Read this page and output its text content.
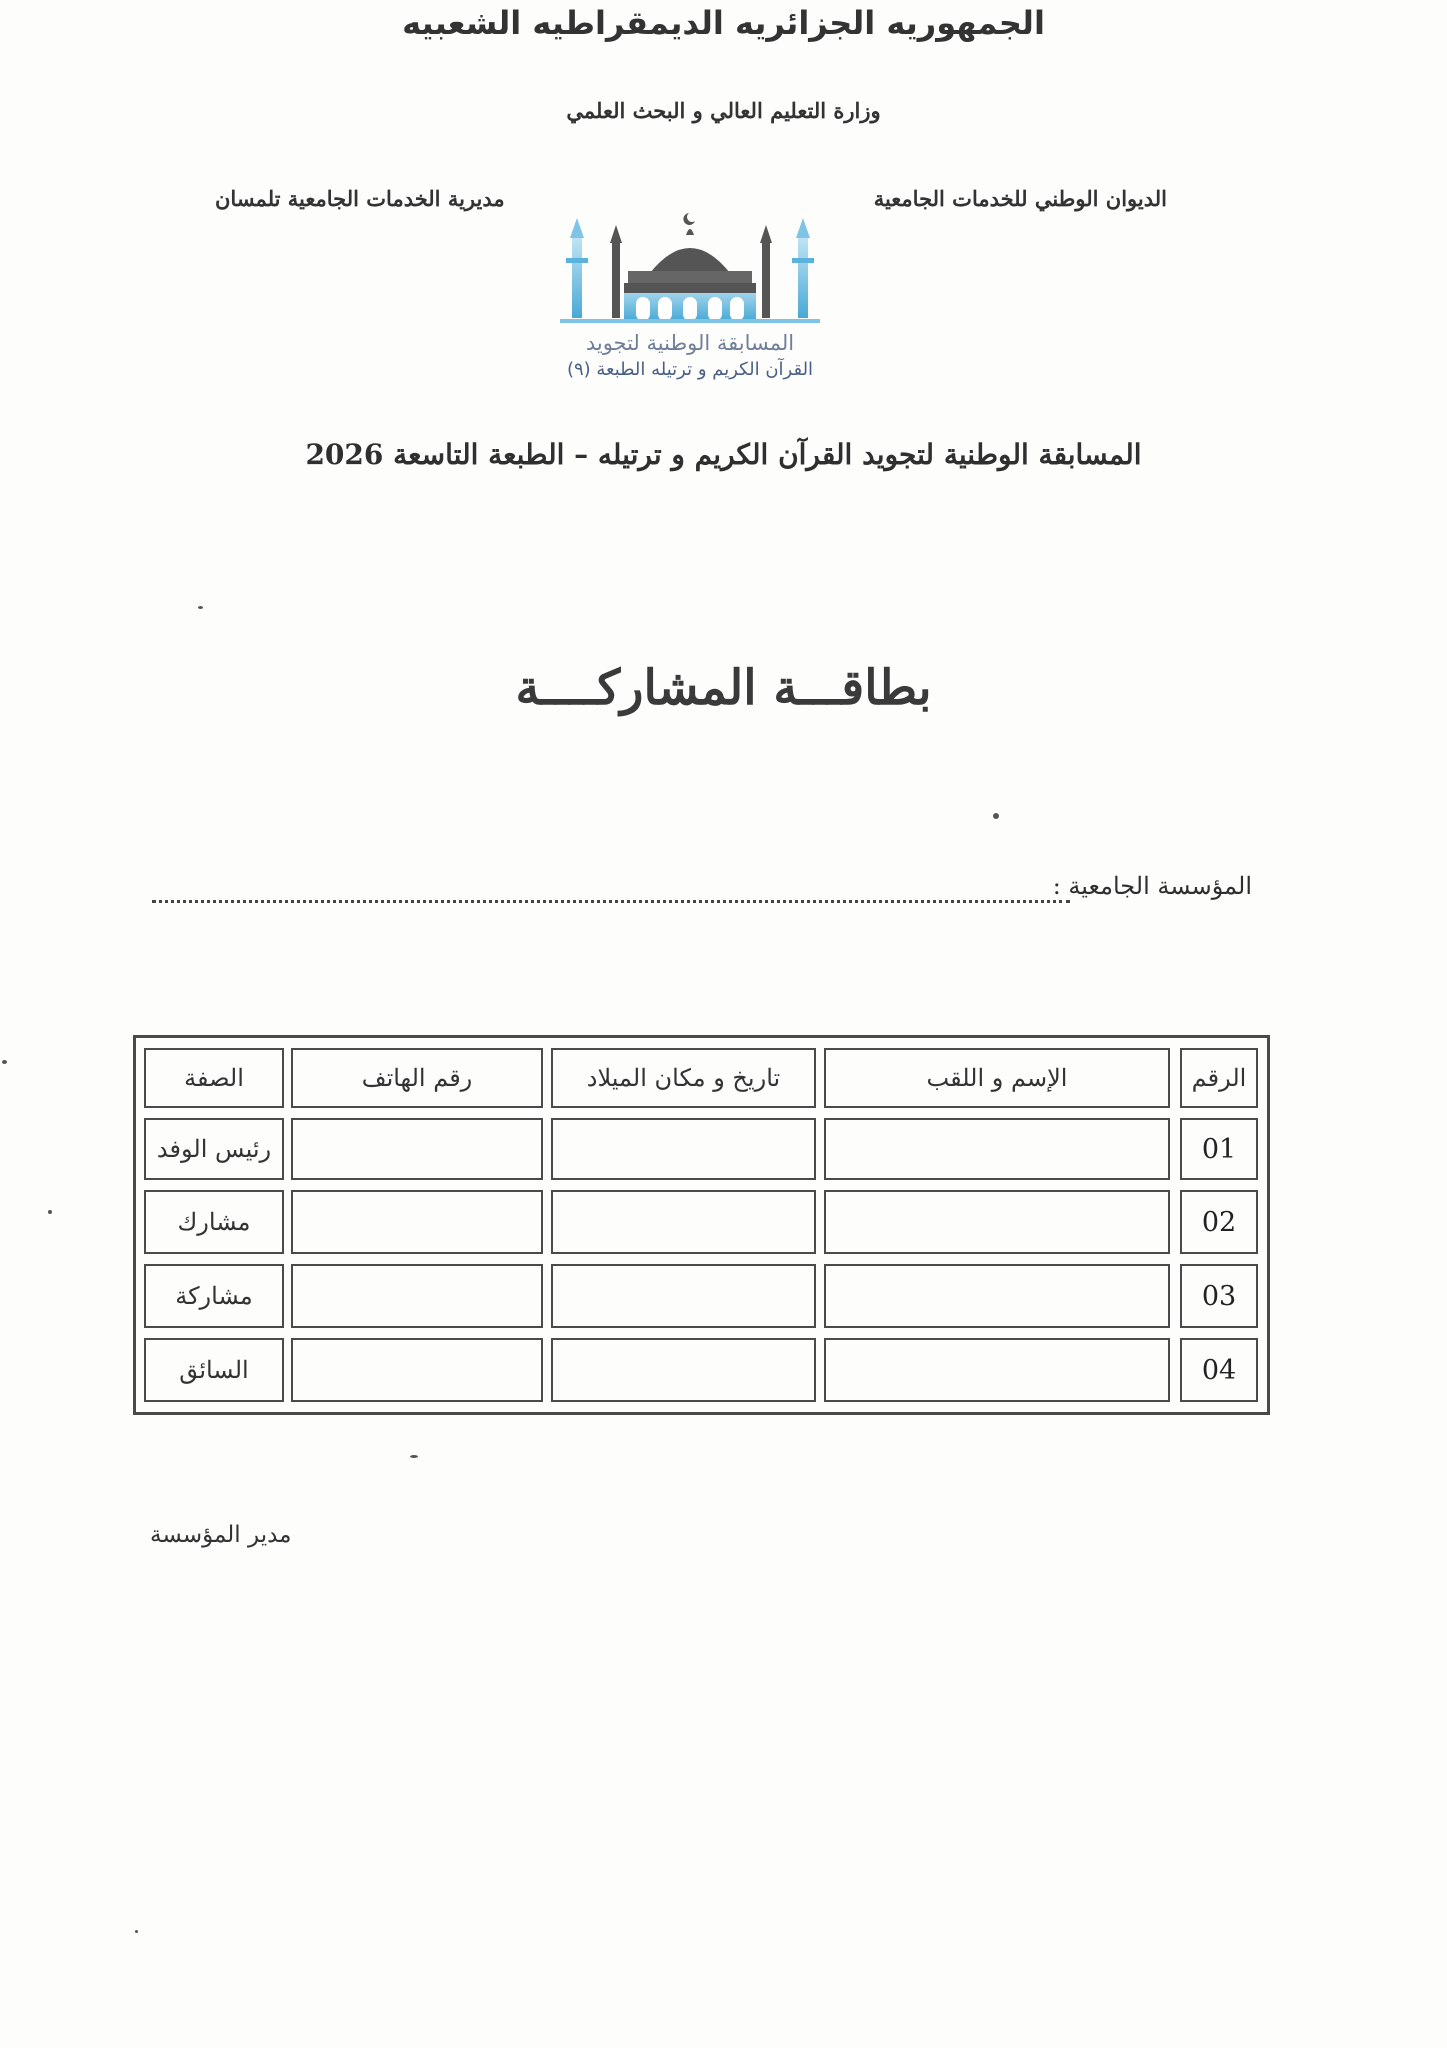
الجمهوريه الجزائريه الديمقراطيه الشعبيه
وزارة التعليم العالي و البحث العلمي
الديوان الوطني للخدمات الجامعية
مديرية الخدمات الجامعية تلمسان
المسابقة الوطنية لتجويد
القرآن الكريم و ترتيله الطبعة (٩)
المسابقة الوطنية لتجويد القرآن الكريم و ترتيله – الطبعة التاسعة 2026
بطاقـــة المشاركــــة
المؤسسة الجامعية :
الرقم
الإسم و اللقب
تاريخ و مكان الميلاد
رقم الهاتف
الصفة
01
رئيس الوفد
02
مشارك
03
مشاركة
04
السائق
مدير المؤسسة
